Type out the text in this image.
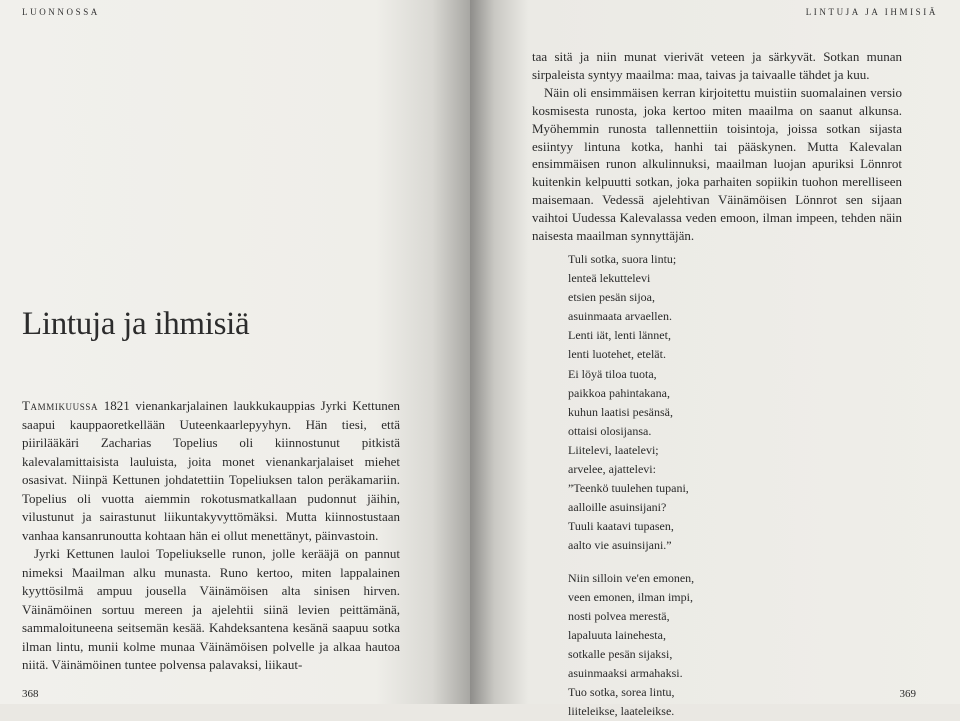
LUONNOSSA
Lintuja ja ihmisiä

Tammikuussa 1821 vienankarjalainen laukkukauppias Jyrki Kettunen saapui kauppaoretkellään Uuteenkaarlepyyhyn. Hän tiesi, että piirilääkäri Zacharias Topelius oli kiinnostunut pitkistä kalevalamittaisista lauluista, joita monet vienankarjalaiset miehet osasivat. Niinpä Kettunen johdatettiin Topeliuksen talon peräkamariin. Topelius oli vuotta aiemmin rokotusmatkallaan pudonnut jäihin, vilustunut ja sairastunut liikuntakyvyttömäksi. Mutta kiinnostustaan vanhaa kansanrunoutta kohtaan hän ei ollut menettänyt, päinvastoin.

Jyrki Kettunen lauloi Topeliukselle runon, jolle kerääjä on pannut nimeksi Maailman alku munasta. Runo kertoo, miten lappalainen kyyttösilmä ampuu jousella Väinämöisen alta sinisen hirven. Väinämöinen sortuu mereen ja ajelehtii siinä levien peittämänä, sammaloituneena seitsemän kesää. Kahdeksantena kesänä saapuu sotka ilman lintu, munii kolme munaa Väinämöisen polvelle ja alkaa hautoa niitä. Väinämöinen tuntee polvensa palavaksi, liikaut-

368
LINTUJA JA IHMISIÄ

taa sitä ja niin munat vierivät veteen ja särkyvät. Sotkan munan sirpaleista syntyy maailma: maa, taivas ja taivaalle tähdet ja kuu.

Näin oli ensimmäisen kerran kirjoitettu muistiin suomalainen versio kosmisesta runosta, joka kertoo miten maailma on saanut alkunsa. Myöhemmin runosta tallennettiin toisintoja, joissa sotkan sijasta esiintyy lintuna kotka, hanhi tai pääskynen. Mutta Kalevalan ensimmäisen runon alkulinnuksi, maailman luojan apuriksi Lönnrot kuitenkin kelpuutti sotkan, joka parhaiten sopiikin tuohon merelliseen maisemaan. Vedessä ajelehtivan Väinämöisen Lönnrot sen sijaan vaihtoi Uudessa Kalevalassa veden emoon, ilman impeen, tehden näin naisesta maailman synnyttäjän.

Tuli sotka, suora lintu;
lenteä lekuttelevi
etsien pesän sijoa,
asuinmaata arvaellen.
Lenti iät, lenti lännet,
lenti luotehet, etelät.
Ei löyä tiloa tuota,
paikkoa pahintakana,
kuhun laatisi pesänsä,
ottaisi olosijansa.
Liitelevi, laatelevi;
arvelee, ajattelevi:
”Teenkö tuulehen tupani,
aalloille asuinsijani?
Tuuli kaatavi tupasen,
aalto vie asuinsijani.”
Niin silloin ve'en emonen,
veen emonen, ilman impi,
nosti polvea merestä,
lapaluuta lainehesta,
sotkalle pesän sijaksi,
asuinmaaksi armahaksi.
Tuo sotka, sorea lintu,
liiteleikse, laateleikse.
369
